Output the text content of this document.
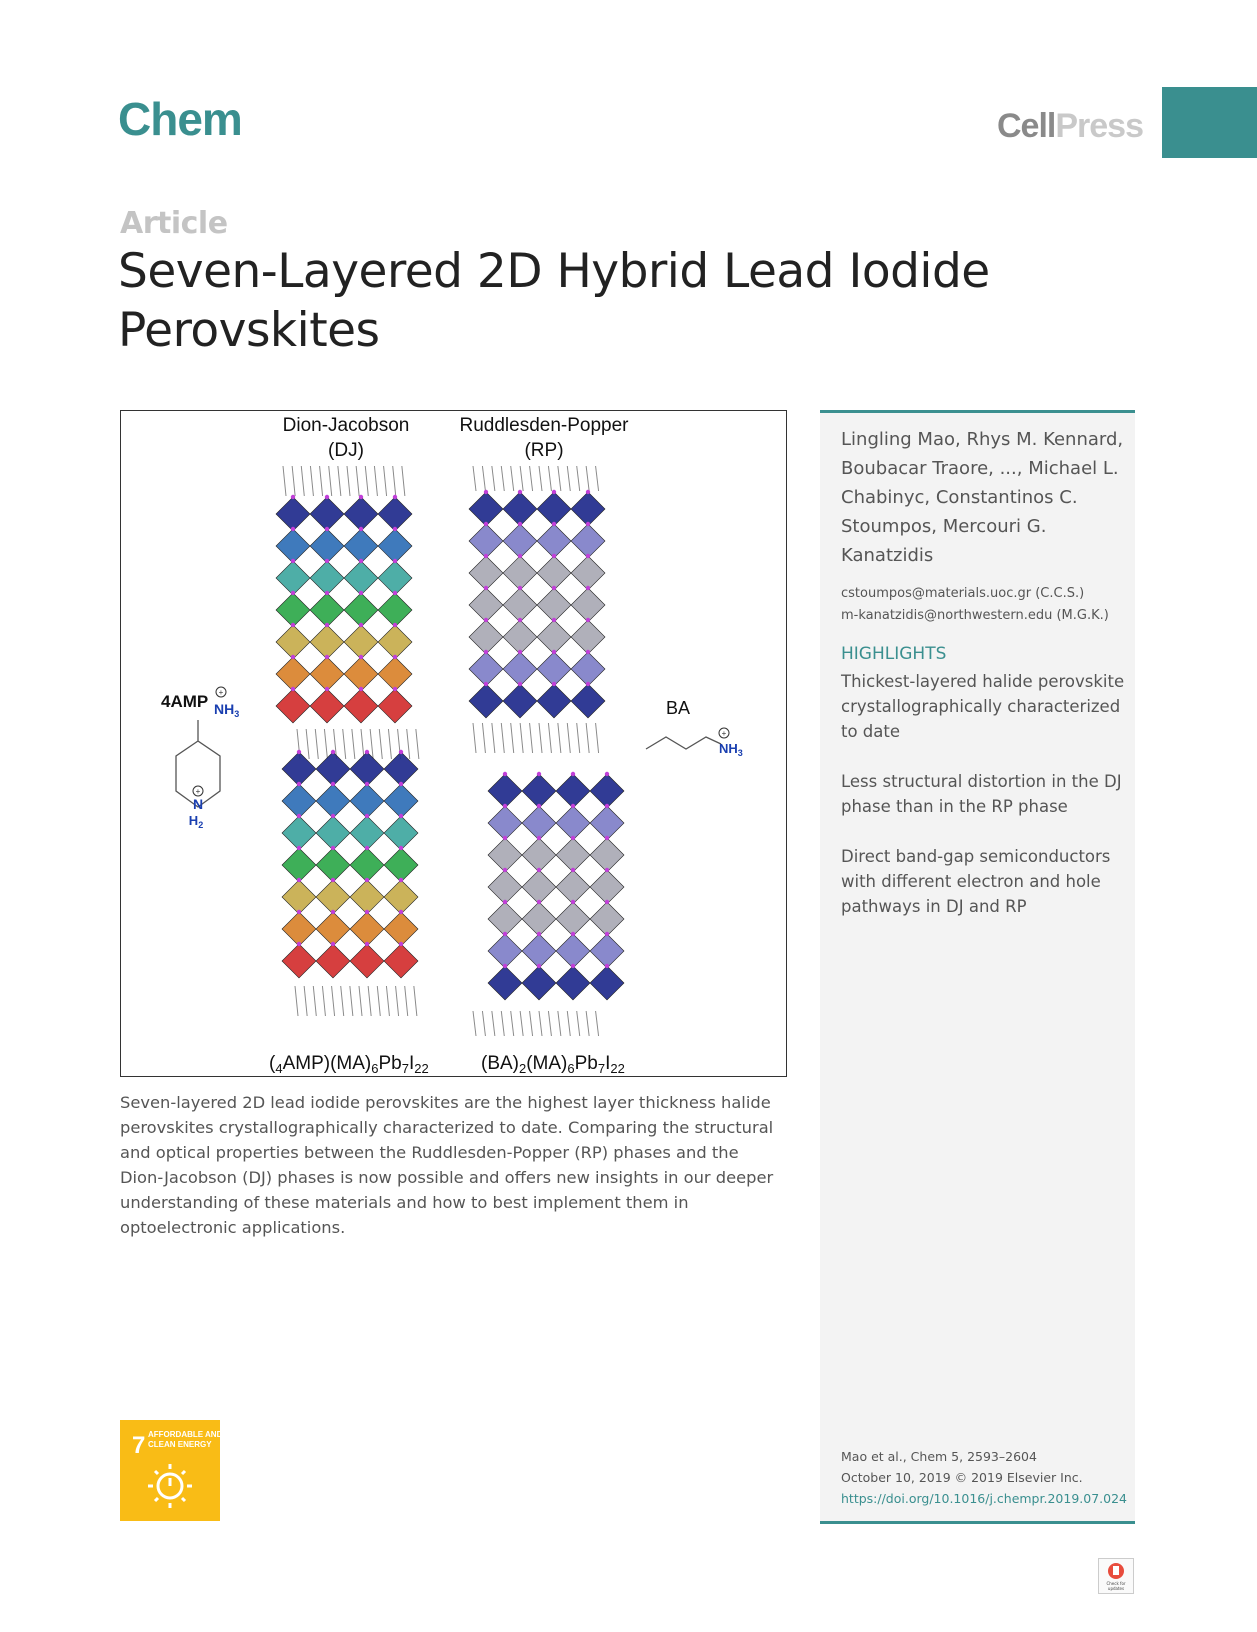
Chem	CellPress
Article
Seven-Layered 2D Hybrid Lead Iodide Perovskites
Dion-Jacobson
(DJ)
Ruddlesden-Popper
(RP)
4AMP +
$NH_3$
+
N
$H_2$
BA
+
$NH_3$
$(_4AMP)(MA)_6Pb_7I_{22}$	$(BA)_2(MA)_6Pb_7I_{22}$
Seven-layered 2D lead iodide perovskites are the highest layer thickness halide perovskites crystallographically characterized to date. Comparing the structural and optical properties between the Ruddlesden-Popper (RP) phases and the Dion-Jacobson (DJ) phases is now possible and offers new insights in our deeper understanding of these materials and how to best implement them in optoelectronic applications.
Lingling Mao, Rhys M. Kennard, Boubacar Traore, ..., Michael L. Chabinyc, Constantinos C. Stoumpos, Mercouri G. Kanatzidis
cstoumpos@materials.uoc.gr (C.C.S.)
m-kanatzidis@northwestern.edu (M.G.K.)
HIGHLIGHTS
Thickest-layered halide perovskite crystallographically characterized to date
Less structural distortion in the DJ phase than in the RP phase
Direct band-gap semiconductors with different electron and hole pathways in DJ and RP
Mao et al., Chem 5, 2593–2604
October 10, 2019 © 2019 Elsevier Inc.
https://doi.org/10.1016/j.chempr.2019.07.024
7 AFFORDABLE AND
CLEAN ENERGY
Check for
updates
